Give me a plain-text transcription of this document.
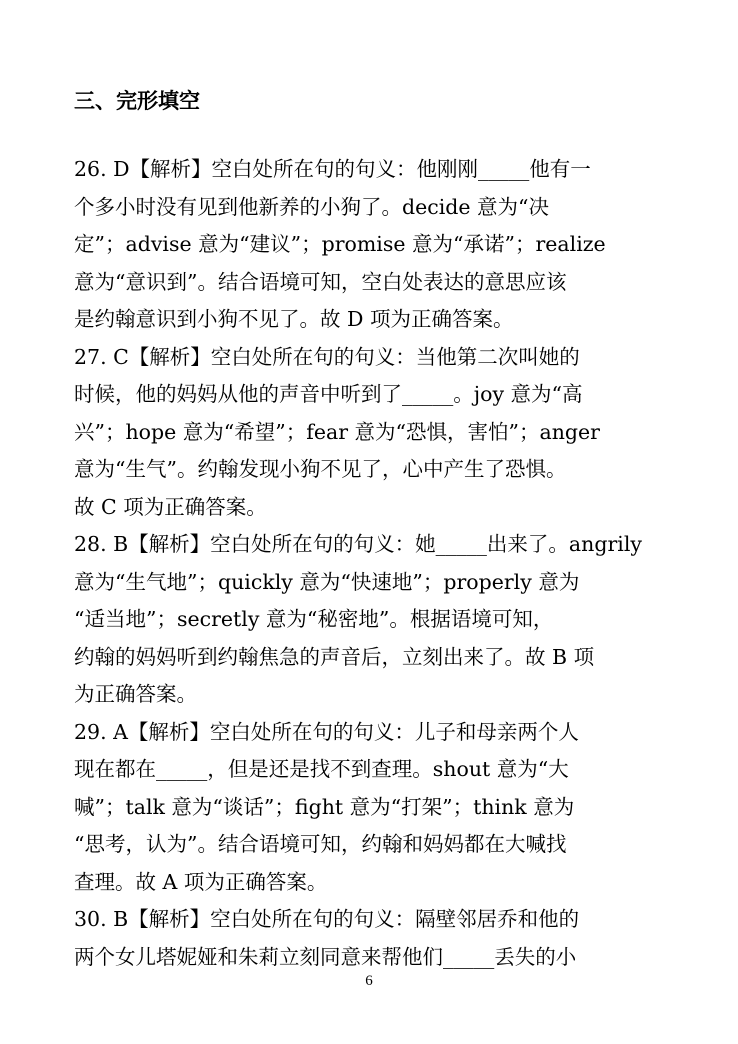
三、完形填空
26. D【解析】空白处所在句的句义：他刚刚_____他有一
个多小时没有见到他新养的小狗了。decide 意为“决
定”；advise 意为“建议”；promise 意为“承诺”；realize
意为“意识到”。结合语境可知，空白处表达的意思应该
是约翰意识到小狗不见了。故 D 项为正确答案。
27. C【解析】空白处所在句的句义：当他第二次叫她的
时候，他的妈妈从他的声音中听到了_____。joy 意为“高
兴”；hope 意为“希望”；fear 意为“恐惧，害怕”；anger
意为“生气”。约翰发现小狗不见了，心中产生了恐惧。
故 C 项为正确答案。
28. B【解析】空白处所在句的句义：她_____出来了。angrily
意为“生气地”；quickly 意为“快速地”；properly 意为
“适当地”；secretly 意为“秘密地”。根据语境可知，
约翰的妈妈听到约翰焦急的声音后，立刻出来了。故 B 项
为正确答案。
29. A【解析】空白处所在句的句义：儿子和母亲两个人
现在都在_____，但是还是找不到查理。shout 意为“大
喊”；talk 意为“谈话”；fight 意为“打架”；think 意为
“思考，认为”。结合语境可知，约翰和妈妈都在大喊找
查理。故 A 项为正确答案。
30. B【解析】空白处所在句的句义：隔壁邻居乔和他的
两个女儿塔妮娅和朱莉立刻同意来帮他们_____丢失的小
6
